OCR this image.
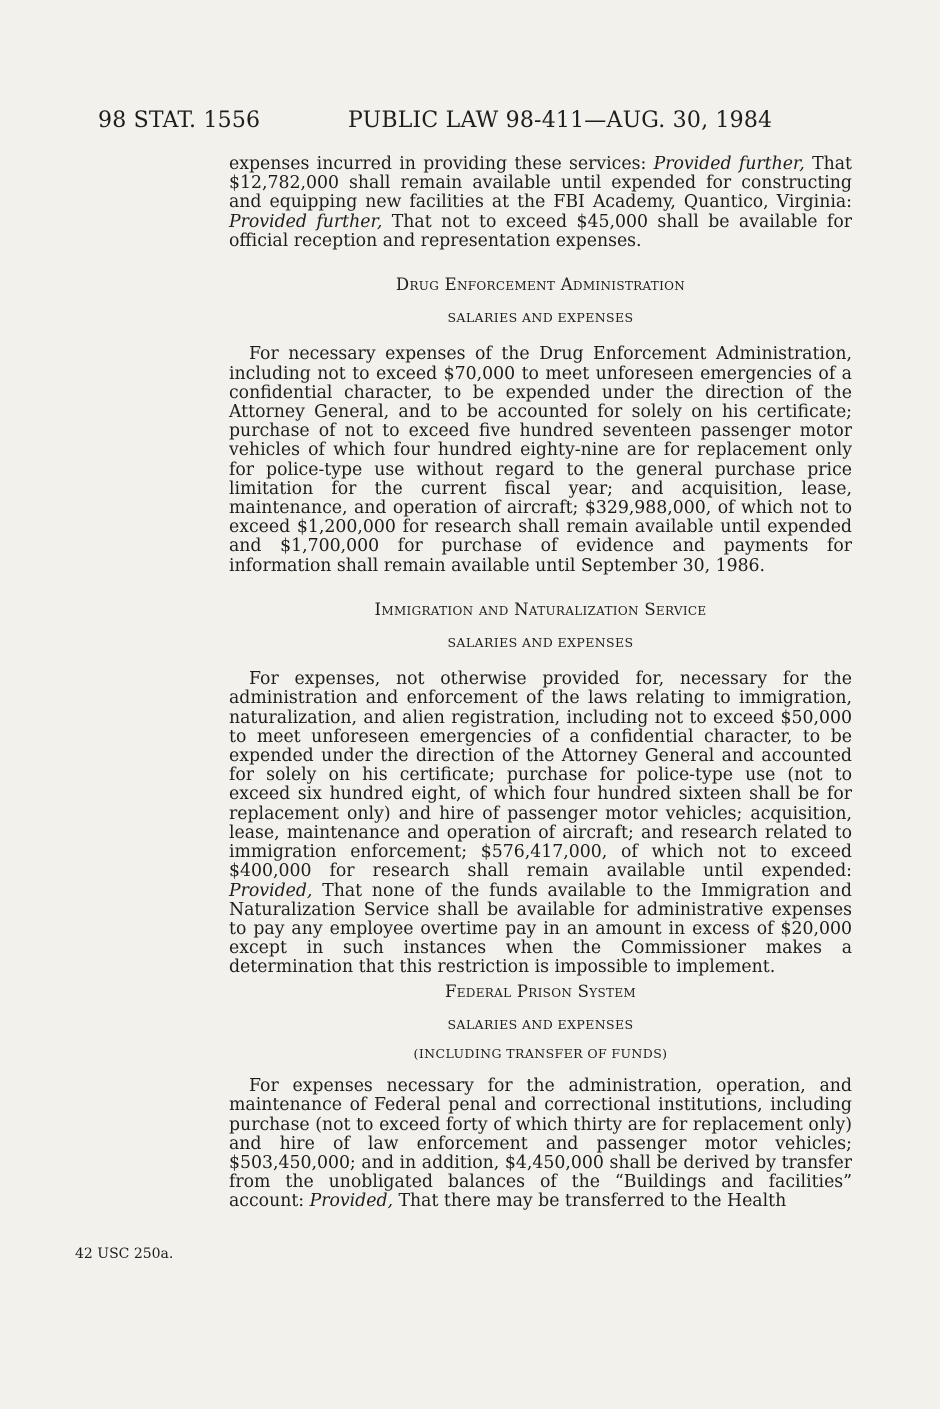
98 STAT. 1556	PUBLIC LAW 98-411—AUG. 30, 1984

expenses incurred in providing these services: Provided further, That $12,782,000 shall remain available until expended for constructing and equipping new facilities at the FBI Academy, Quantico, Virginia: Provided further, That not to exceed $45,000 shall be available for official reception and representation expenses.

Drug Enforcement Administration
SALARIES AND EXPENSES

For necessary expenses of the Drug Enforcement Administration, including not to exceed $70,000 to meet unforeseen emergencies of a confidential character, to be expended under the direction of the Attorney General, and to be accounted for solely on his certificate; purchase of not to exceed five hundred seventeen passenger motor vehicles of which four hundred eighty-nine are for replacement only for police-type use without regard to the general purchase price limitation for the current fiscal year; and acquisition, lease, maintenance, and operation of aircraft; $329,988,000, of which not to exceed $1,200,000 for research shall remain available until expended and $1,700,000 for purchase of evidence and payments for information shall remain available until September 30, 1986.

Immigration and Naturalization Service
SALARIES AND EXPENSES

For expenses, not otherwise provided for, necessary for the administration and enforcement of the laws relating to immigration, naturalization, and alien registration, including not to exceed $50,000 to meet unforeseen emergencies of a confidential character, to be expended under the direction of the Attorney General and accounted for solely on his certificate; purchase for police-type use (not to exceed six hundred eight, of which four hundred sixteen shall be for replacement only) and hire of passenger motor vehicles; acquisition, lease, maintenance and operation of aircraft; and research related to immigration enforcement; $576,417,000, of which not to exceed $400,000 for research shall remain available until expended: Provided, That none of the funds available to the Immigration and Naturalization Service shall be available for administrative expenses to pay any employee overtime pay in an amount in excess of $20,000 except in such instances when the Commissioner makes a determination that this restriction is impossible to implement.

Federal Prison System
SALARIES AND EXPENSES
(INCLUDING TRANSFER OF FUNDS)

For expenses necessary for the administration, operation, and maintenance of Federal penal and correctional institutions, including purchase (not to exceed forty of which thirty are for replacement only) and hire of law enforcement and passenger motor vehicles; $503,450,000; and in addition, $4,450,000 shall be derived by transfer from the unobligated balances of the “Buildings and facilities” account: Provided, That there may be transferred to the Health

42 USC 250a.
